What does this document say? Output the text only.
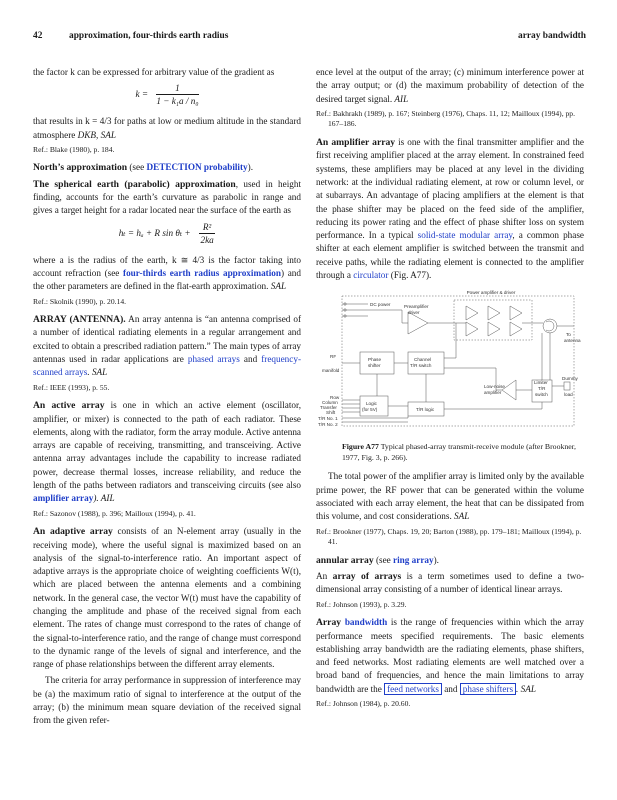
42	approximation, four-thirds earth radius	array bandwidth

the factor k can be expressed for arbitrary value of the gradient as

$k = \frac{1}{\text{1 − k₁a / n₀}}$

that results in k = 4/3 for paths at low or medium altitude in the standard atmosphere DKB, SAL

Ref.: Blake (1980), p. 184.

North’s approximation (see DETECTION probability).

The spherical earth (parabolic) approximation, used in height finding, accounts for the earth’s curvature as parabolic in range and gives a target height for a radar located near the surface of the earth as

hₜ = hₐ + R $\sin \theta_t + \frac{\text{R²}}{2ka}$

where a is the radius of the earth, k ≅ 4/3 is the factor taking into account refraction (see four-thirds earth radius approximation) and the other parameters are defined in the flat-earth approximation. SAL

Ref.: Skolnik (1990), p. 20.14.

ARRAY (ANTENNA). An array antenna is “an antenna comprised of a number of identical radiating elements in a regular arrangement and excited to obtain a prescribed radiation pattern.” The main types of array antennas used in radar applications are phased arrays and frequency-scanned arrays. SAL

Ref.: IEEE (1993), p. 55.

An active array is one in which an active element (oscillator, amplifier, or mixer) is connected to the path of each radiator. These elements, along with the radiator, form the array module. Active antenna arrays are capable of receiving, transmitting, and transceiving. Active antenna array advantages include the capability to increase radiated power, decrease thermal losses, increase reliability, and reduce the length of the paths between radiators and transceiving circuits (see also amplifier array). AIL

Ref.: Sazonov (1988), p. 396; Mailloux (1994), p. 41.

An adaptive array consists of an N-element array (usually in the receiving mode), where the useful signal is maximized based on an analysis of the signal-to-interference ratio. An important aspect of adaptive arrays is the appropriate choice of weighting coefficients W(t), which are placed between the antenna elements and a combining network. In the general case, the vector W(t) must have the capability of changing the amplitude and phase of the received signal from each element. The rates of change must correspond to the rates of change of the signal-to-interference ratio, and the range of change must correspond to the dynamic range of the levels of signal and interference, and the range of phase relationships between the different array elements.

The criteria for array performance in suppression of interference may be (a) the maximum ratio of signal to interference at the output of the array; (b) the minimum mean square deviation of the received signal from the given refer-

ence level at the output of the array; (c) minimum interference power at the array output; or (d) the maximum probability of detection of the desired target signal. AIL

Ref.: Bakhrakh (1989), p. 167; Steinberg (1976), Chaps. 11, 12; Mailloux (1994), pp. 167–186.

An amplifier array is one with the final transmitter amplifier and the first receiving amplifier placed at the array element. In constrained feed systems, these amplifiers may be placed at any level in the dividing network: at the individual radiating element, at row or column level, or at subarrays. An advantage of placing amplifiers at the element is that the phase shifter may be placed on the feed side of the amplifier, reducing its power rating and the effect of phase shifter loss on system performance. In a typical solid-state modular array, a common phase shifter at each element amplifier is switched between the transmit and receive paths, while the radiating element is connected to the amplifier through a circulator (Fig. A77).

Power amplifier & driver
DC power	Preamplifier
driver
To
antenna
RF
manifold
Phase
shifter
Channel
T/R switch
Limiter
T/R
switch
Dummy
load
Low-noise
amplifier
Row
Column
Transfer
Shift
Logic
(for 5V)	T/R logic
T/R No. 1
T/R No. 2

Figure A77 Typical phased-array transmit-receive module (after Brookner, 1977, Fig. 3, p. 266).

The total power of the amplifier array is limited only by the available prime power, the RF power that can be generated within the volume associated with each array element, the heat that can be dissipated from this volume, and cost considerations. SAL

Ref.: Brookner (1977), Chaps. 19, 20; Barton (1988), pp. 179–181; Mailloux (1994), p. 41.

annular array (see ring array).

An array of arrays is a term sometimes used to define a two-dimensional array consisting of a number of identical linear arrays.

Ref.: Johnson (1993), p. 3.29.

Array bandwidth is the range of frequencies within which the array performance meets specified requirements. The basic elements establishing array bandwidth are the radiating elements, phase shifters, and feed networks. Most radiating elements are well matched over a broad band of frequencies, and hence the main limitations to array bandwidth are the feed networks and phase shifters . SAL

Ref.: Johnson (1984), p. 20.60.
